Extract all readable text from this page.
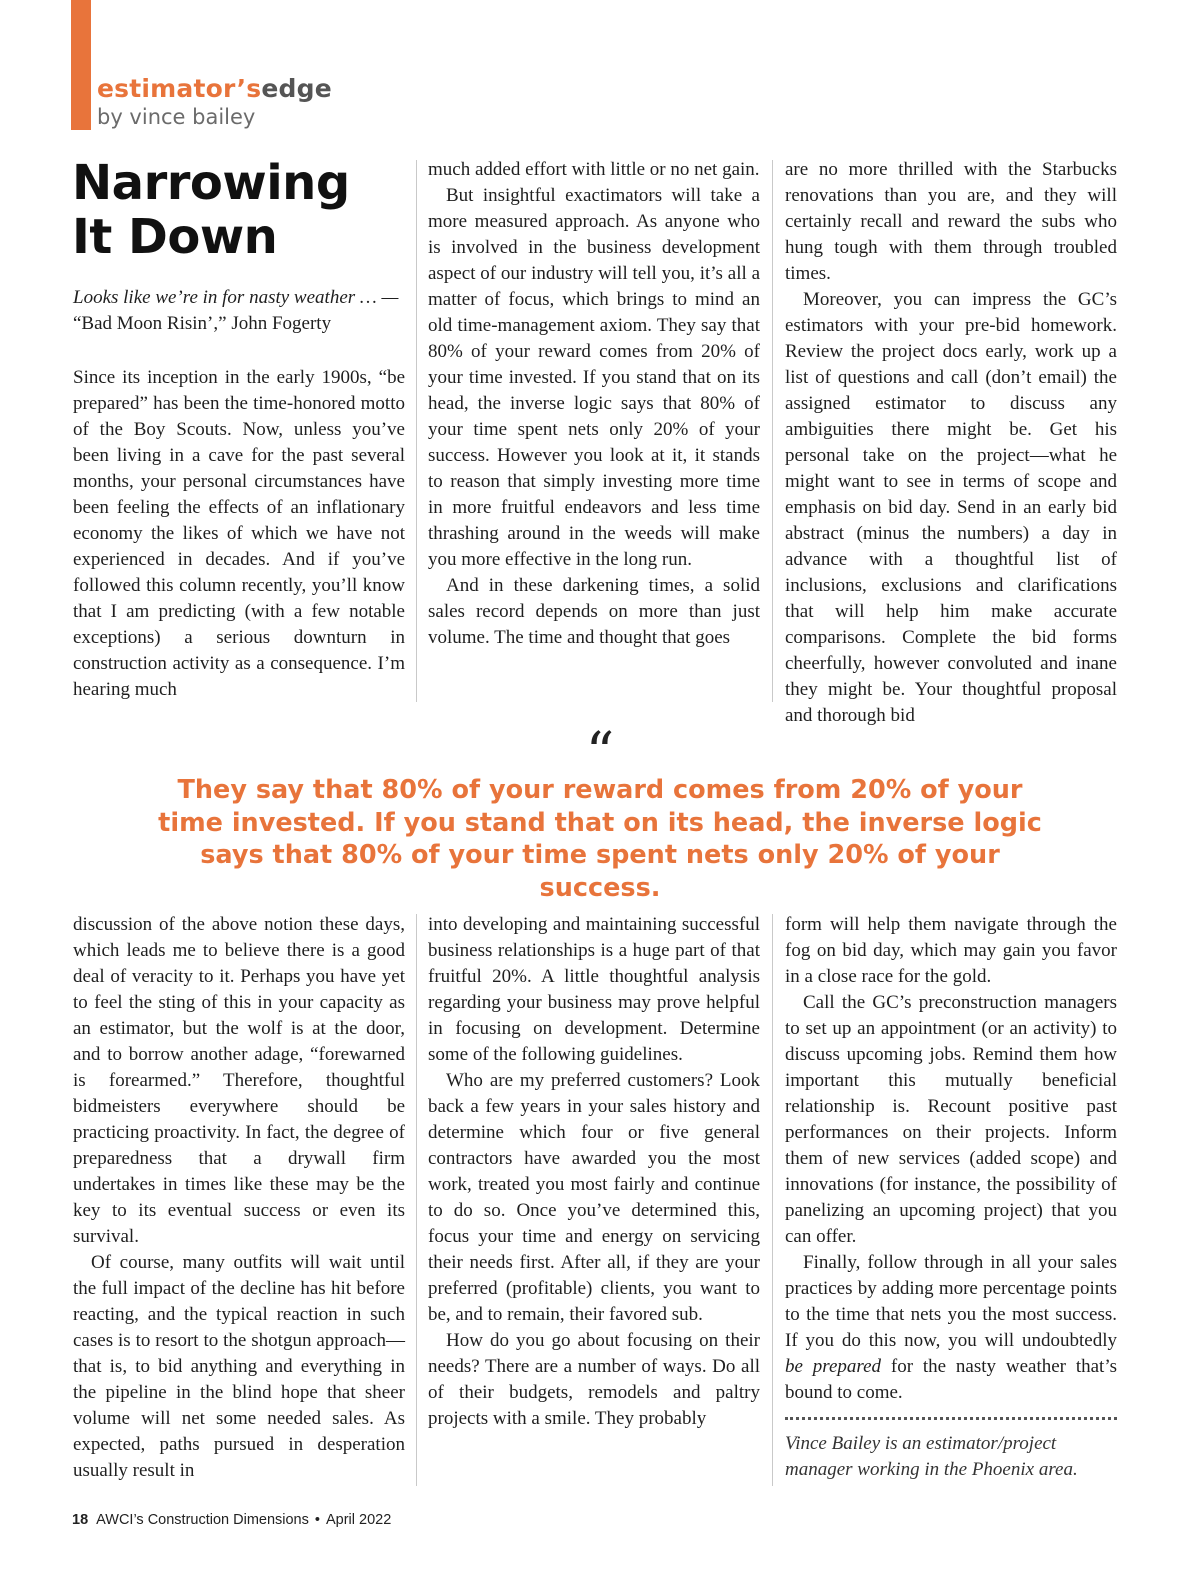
estimator’sedge
by vince bailey
Narrowing
It Down
Looks like we’re in for nasty weather … —
“Bad Moon Risin’,” John Fogerty

Since its inception in the early 1900s, “be prepared” has been the time-honored motto of the Boy Scouts. Now, unless you’ve been living in a cave for the past several months, your personal circumstances have been feeling the effects of an inflationary economy the likes of which we have not experienced in decades. And if you’ve followed this column recently, you’ll know that I am predicting (with a few notable exceptions) a serious downturn in construction activity as a consequence. I’m hearing much

much added effort with little or no net gain.

But insightful exactimators will take a more measured approach. As anyone who is involved in the business development aspect of our industry will tell you, it’s all a matter of focus, which brings to mind an old time-management axiom. They say that 80% of your reward comes from 20% of your time invested. If you stand that on its head, the inverse logic says that 80% of your time spent nets only 20% of your success. However you look at it, it stands to reason that simply investing more time in more fruitful endeavors and less time thrashing around in the weeds will make you more effective in the long run.

And in these darkening times, a solid sales record depends on more than just volume. The time and thought that goes

are no more thrilled with the Starbucks renovations than you are, and they will certainly recall and reward the subs who hung tough with them through troubled times.

Moreover, you can impress the GC’s estimators with your pre-bid homework. Review the project docs early, work up a list of questions and call (don’t email) the assigned estimator to discuss any ambiguities there might be. Get his personal take on the project—what he might want to see in terms of scope and emphasis on bid day. Send in an early bid abstract (minus the numbers) a day in advance with a thoughtful list of inclusions, exclusions and clarifications that will help him make accurate comparisons. Complete the bid forms cheerfully, however convoluted and inane they might be. Your thoughtful proposal and thorough bid

“
They say that 80% of your reward comes from 20% of your time invested. If you stand that on its head, the inverse logic says that 80% of your time spent nets only 20% of your success.

discussion of the above notion these days, which leads me to believe there is a good deal of veracity to it. Perhaps you have yet to feel the sting of this in your capacity as an estimator, but the wolf is at the door, and to borrow another adage, “forewarned is forearmed.” Therefore, thoughtful bidmeisters everywhere should be practicing proactivity. In fact, the degree of preparedness that a drywall firm undertakes in times like these may be the key to its eventual success or even its survival.

Of course, many outfits will wait until the full impact of the decline has hit before reacting, and the typical reaction in such cases is to resort to the shotgun approach—that is, to bid anything and everything in the pipeline in the blind hope that sheer volume will net some needed sales. As expected, paths pursued in desperation usually result in

into developing and maintaining successful business relationships is a huge part of that fruitful 20%. A little thoughtful analysis regarding your business may prove helpful in focusing on development. Determine some of the following guidelines.

Who are my preferred customers? Look back a few years in your sales history and determine which four or five general contractors have awarded you the most work, treated you most fairly and continue to do so. Once you’ve determined this, focus your time and energy on servicing their needs first. After all, if they are your preferred (profitable) clients, you want to be, and to remain, their favored sub.

How do you go about focusing on their needs? There are a number of ways. Do all of their budgets, remodels and paltry projects with a smile. They probably

form will help them navigate through the fog on bid day, which may gain you favor in a close race for the gold.

Call the GC’s preconstruction managers to set up an appointment (or an activity) to discuss upcoming jobs. Remind them how important this mutually beneficial relationship is. Recount positive past performances on their projects. Inform them of new services (added scope) and innovations (for instance, the possibility of panelizing an upcoming project) that you can offer.

Finally, follow through in all your sales practices by adding more percentage points to the time that nets you the most success. If you do this now, you will undoubtedly be prepared for the nasty weather that’s bound to come.

Vince Bailey is an estimator/project manager working in the Phoenix area.
18 AWCI’s Construction Dimensions • April 2022
